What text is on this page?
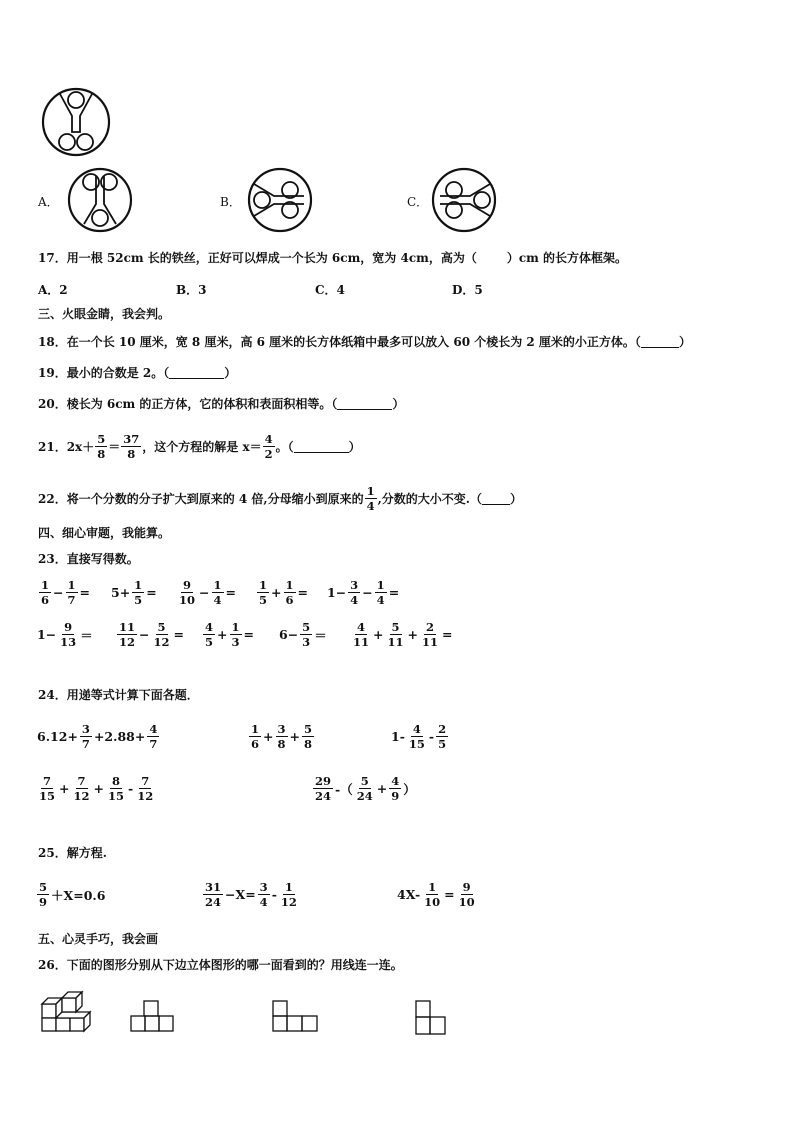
A．	B．	C．
17．用一根 52cm 长的铁丝，正好可以焊成一个长为 6cm，宽为 4cm，高为（	）cm 的长方体框架。
A．2	B．3	C．4	D．5
三、火眼金睛，我会判。
18．在一个长 10 厘米，宽 8 厘米，高 6 厘米的长方体纸箱中最多可以放入 60 个棱长为 2 厘米的小正方体。（	）
19．最小的合数是 2。（	）
20．棱长为 6cm 的正方体，它的体积和表面积相等。（	）
21．$2x+ \frac{5}{8} = \frac{37}{8}$ ，这个方程的解是 $x= \frac{4}{2}$ 。（	）
22．将一个分数的分子扩大到原来的 4 倍,分母缩小到原来的 $\frac{1}{4}$ ,分数的大小不变.（ ）
四、细心审题，我能算。
23．直接写得数。
$\frac{1}{6} - \frac{1}{7} = 5+ \frac{1}{5} = \frac{9}{10} - \frac{1}{4} = \frac{1}{5} + \frac{1}{6} = 1- \frac{3}{4} - \frac{1}{4}$ =
$1- \frac{9}{13} = \frac{11}{12} - \frac{5}{12} = \frac{4}{5} + \frac{1}{3} = 6- \frac{5}{3} = \frac{4}{11} + \frac{5}{11} + \frac{2}{11}$ =
24．用递等式计算下面各题．
$6.12+ \frac{3}{7} +2.88+ \frac{4}{7}$	$\frac{1}{6} + \frac{3}{8} + \frac{5}{8}$	$1- \frac{4}{15} - \frac{2}{5}$
$\frac{7}{15} + \frac{7}{12} + \frac{8}{15} - \frac{7}{12}$	$\frac{29}{24}$ -（ $\frac{5}{24} + \frac{4}{9}$ ）
25．解方程.
$\frac{5}{9} +X=0.6$	$\frac{31}{24} -X= \frac{3}{4} - \frac{1}{12}$	$4X- \frac{1}{10} = \frac{9}{10}$
五、心灵手巧，我会画
26．下面的图形分别从下边立体图形的哪一面看到的？用线连一连。
